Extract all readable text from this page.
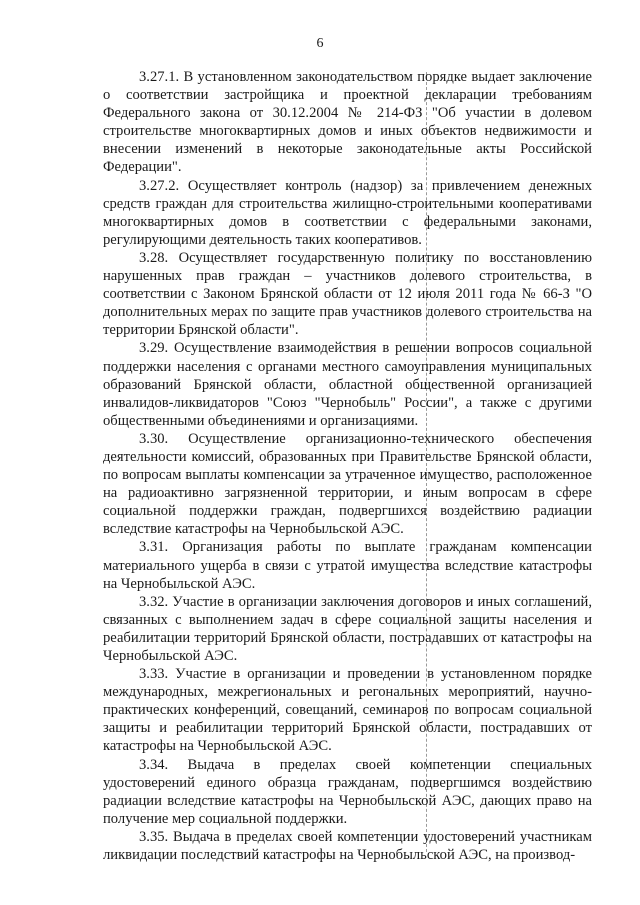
6

3.27.1. В установленном законодательством порядке выдает заключение о соответствии застройщика и проектной декларации требованиям Федерального закона от 30.12.2004 № 214-ФЗ "Об участии в долевом строительстве многоквартирных домов и иных объектов недвижимости и внесении изменений в некоторые законодательные акты Российской Федерации".

3.27.2. Осуществляет контроль (надзор) за привлечением денежных средств граждан для строительства жилищно-строительными кооперативами многоквартирных домов в соответствии с федеральными законами, регулирующими деятельность таких кооперативов.

3.28. Осуществляет государственную политику по восстановлению нарушенных прав граждан – участников долевого строительства, в соответствии с Законом Брянской области от 12 июля 2011 года № 66-З "О дополнительных мерах по защите прав участников долевого строительства на территории Брянской области".

3.29. Осуществление взаимодействия в решении вопросов социальной поддержки населения с органами местного самоуправления муниципальных образований Брянской области, областной общественной организацией инвалидов-ликвидаторов "Союз "Чернобыль" России", а также с другими общественными объединениями и организациями.

3.30. Осуществление организационно-технического обеспечения деятельности комиссий, образованных при Правительстве Брянской области, по вопросам выплаты компенсации за утраченное имущество, расположенное на радиоактивно загрязненной территории, и иным вопросам в сфере социальной поддержки граждан, подвергшихся воздействию радиации вследствие катастрофы на Чернобыльской АЭС.

3.31. Организация работы по выплате гражданам компенсации материального ущерба в связи с утратой имущества вследствие катастрофы на Чернобыльской АЭС.

3.32. Участие в организации заключения договоров и иных соглашений, связанных с выполнением задач в сфере социальной защиты населения и реабилитации территорий Брянской области, пострадавших от катастрофы на Чернобыльской АЭС.

3.33. Участие в организации и проведении в установленном порядке международных, межрегиональных и регональных мероприятий, научно-практических конференций, совещаний, семинаров по вопросам социальной защиты и реабилитации территорий Брянской области, пострадавших от катастрофы на Чернобыльской АЭС.

3.34. Выдача в пределах своей компетенции специальных удостоверений единого образца гражданам, подвергшимся воздействию радиации вследствие катастрофы на Чернобыльской АЭС, дающих право на получение мер социальной поддержки.

3.35. Выдача в пределах своей компетенции удостоверений участникам ликвидации последствий катастрофы на Чернобыльской АЭС, на производ-
